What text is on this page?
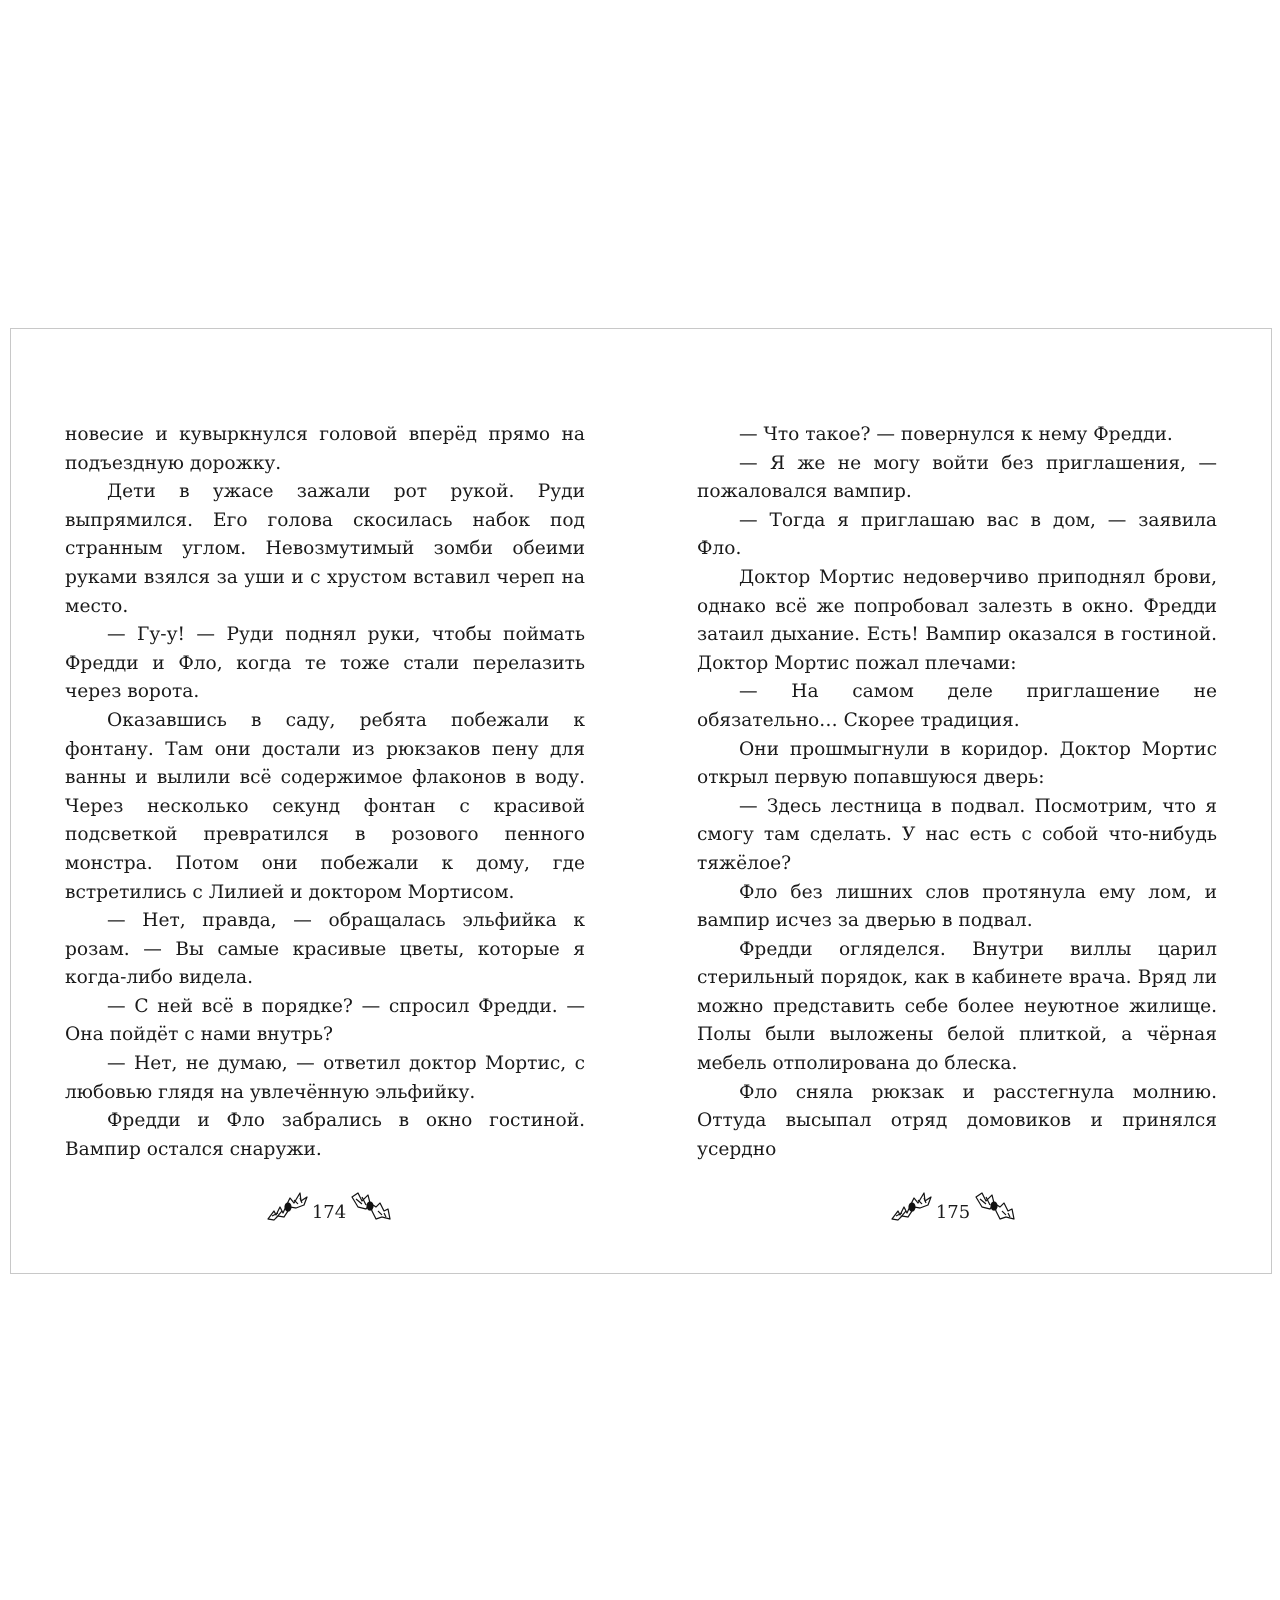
новесие и кувыркнулся головой вперёд прямо на подъездную дорожку.

Дети в ужасе зажали рот рукой. Руди выпрямился. Его голова скосилась набок под странным углом. Невозмутимый зомби обеими руками взялся за уши и с хрустом вставил череп на место.

— Гу-у! — Руди поднял руки, чтобы поймать Фредди и Фло, когда те тоже стали перелазить через ворота.

Оказавшись в саду, ребята побежали к фонтану. Там они достали из рюкзаков пену для ванны и вылили всё содержимое флаконов в воду. Через несколько секунд фонтан с красивой подсветкой превратился в розового пенного монстра. Потом они побежали к дому, где встретились с Лилией и доктором Мортисом.

— Нет, правда, — обращалась эльфийка к розам. — Вы самые красивые цветы, которые я когда-либо видела.

— С ней всё в порядке? — спросил Фредди. — Она пойдёт с нами внутрь?

— Нет, не думаю, — ответил доктор Мортис, с любовью глядя на увлечённую эльфийку.

Фредди и Фло забрались в окно гостиной. Вампир остался снаружи.

— Что такое? — повернулся к нему Фредди.

— Я же не могу войти без приглашения, — пожаловался вампир.

— Тогда я приглашаю вас в дом, — заявила Фло.

Доктор Мортис недоверчиво приподнял брови, однако всё же попробовал залезть в окно. Фредди затаил дыхание. Есть! Вампир оказался в гостиной. Доктор Мортис пожал плечами:

— На самом деле приглашение не обязательно… Скорее традиция.

Они прошмыгнули в коридор. Доктор Мортис открыл первую попавшуюся дверь:

— Здесь лестница в подвал. Посмотрим, что я смогу там сделать. У нас есть с собой что-нибудь тяжёлое?

Фло без лишних слов протянула ему лом, и вампир исчез за дверью в подвал.

Фредди огляделся. Внутри виллы царил стерильный порядок, как в кабинете врача. Вряд ли можно представить себе более неуютное жилище. Полы были выложены белой плиткой, а чёрная мебель отполирована до блеска.

Фло сняла рюкзак и расстегнула молнию. Оттуда высыпал отряд домовиков и принялся усердно

174	175
